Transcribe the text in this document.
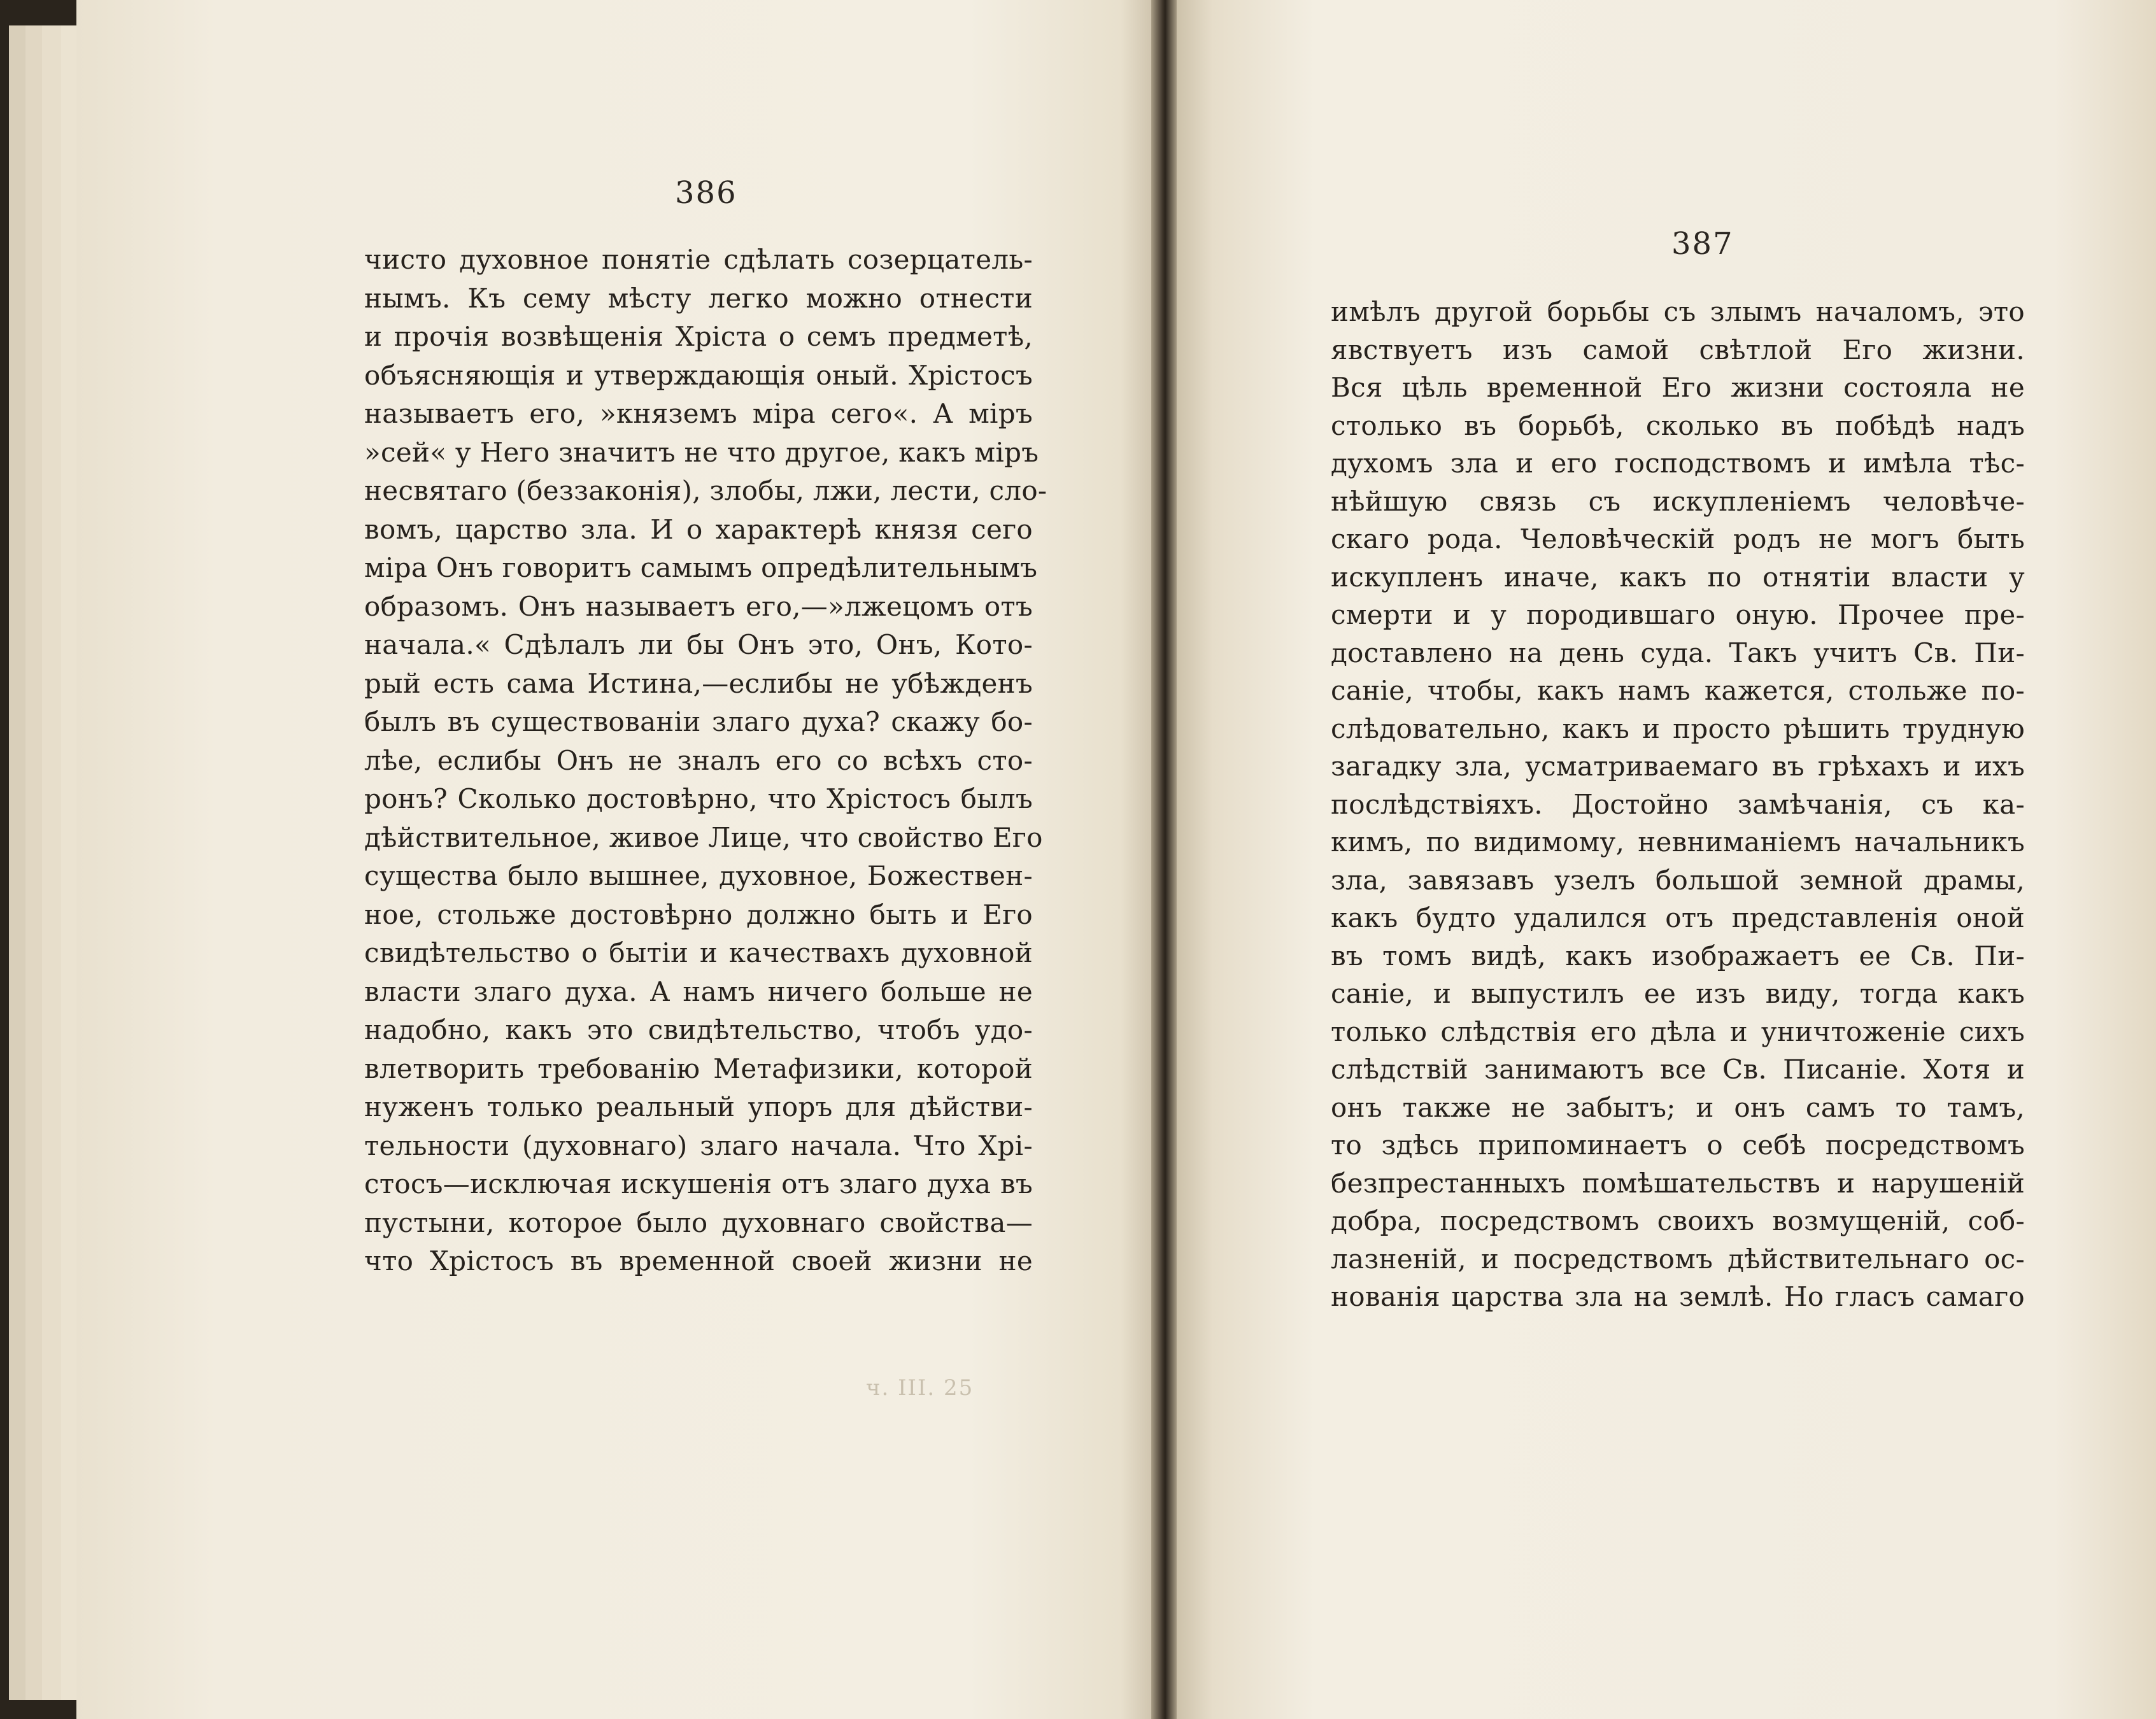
386
387
чисто духовное понятіе сдѣлать созерцатель-
нымъ. Къ сему мѣсту легко можно отнести
и прочія возвѣщенія Хріста о семъ предметѣ,
объясняющія и утверждающія оный. Хрістосъ
называетъ его, »княземъ міра сего«. А міръ
»сей« у Него значитъ не что другое, какъ міръ
несвятаго (беззаконія), злобы, лжи, лести, сло-
вомъ, царство зла. И о характерѣ князя сего
міра Онъ говоритъ самымъ опредѣлительнымъ
образомъ. Онъ называетъ его,—»лжецомъ отъ
начала.« Сдѣлалъ ли бы Онъ это, Онъ, Кото-
рый есть сама Истина,—еслибы не убѣжденъ
былъ въ существованіи злаго духа? скажу бо-
лѣе, еслибы Онъ не зналъ его со всѣхъ сто-
ронъ? Сколько достовѣрно, что Хрістосъ былъ
дѣйствительное, живое Лице, что свойство Его
существа было вышнее, духовное, Божествен-
ное, стольже достовѣрно должно быть и Его
свидѣтельство о бытіи и качествахъ духовной
власти злаго духа. А намъ ничего больше не
надобно, какъ это свидѣтельство, чтобъ удо-
влетворить требованію Метафизики, которой
нуженъ только реальный упоръ для дѣйстви-
тельности (духовнаго) злаго начала. Что Хрі-
стосъ—исключая искушенія отъ злаго духа въ
пустыни, которое было духовнаго свойства—
что Хрістосъ въ временной своей жизни не
имѣлъ другой борьбы съ злымъ началомъ, это
явствуетъ изъ самой свѣтлой Его жизни.
Вся цѣль временной Его жизни состояла не
столько въ борьбѣ, сколько въ побѣдѣ надъ
духомъ зла и его господствомъ и имѣла тѣс-
нѣйшую связь съ искупленіемъ человѣче-
скаго рода. Человѣческій родъ не могъ быть
искупленъ иначе, какъ по отнятіи власти у
смерти и у породившаго оную. Прочее пре-
доставлено на день суда. Такъ учитъ Св. Пи-
саніе, чтобы, какъ намъ кажется, стольже по-
слѣдовательно, какъ и просто рѣшить трудную
загадку зла, усматриваемаго въ грѣхахъ и ихъ
послѣдствіяхъ. Достойно замѣчанія, съ ка-
кимъ, по видимому, невниманіемъ начальникъ
зла, завязавъ узелъ большой земной драмы,
какъ будто удалился отъ представленія оной
въ томъ видѣ, какъ изображаетъ ее Св. Пи-
саніе, и выпустилъ ее изъ виду, тогда какъ
только слѣдствія его дѣла и уничтоженіе сихъ
слѣдствій занимаютъ все Св. Писаніе. Хотя и
онъ также не забытъ; и онъ самъ то тамъ,
то здѣсь припоминаетъ о себѣ посредствомъ
безпрестанныхъ помѣшательствъ и нарушеній
добра, посредствомъ своихъ возмущеній, соб-
лазненій, и посредствомъ дѣйствительнаго ос-
нованія царства зла на землѣ. Но гласъ самаго
ч. III. 25
